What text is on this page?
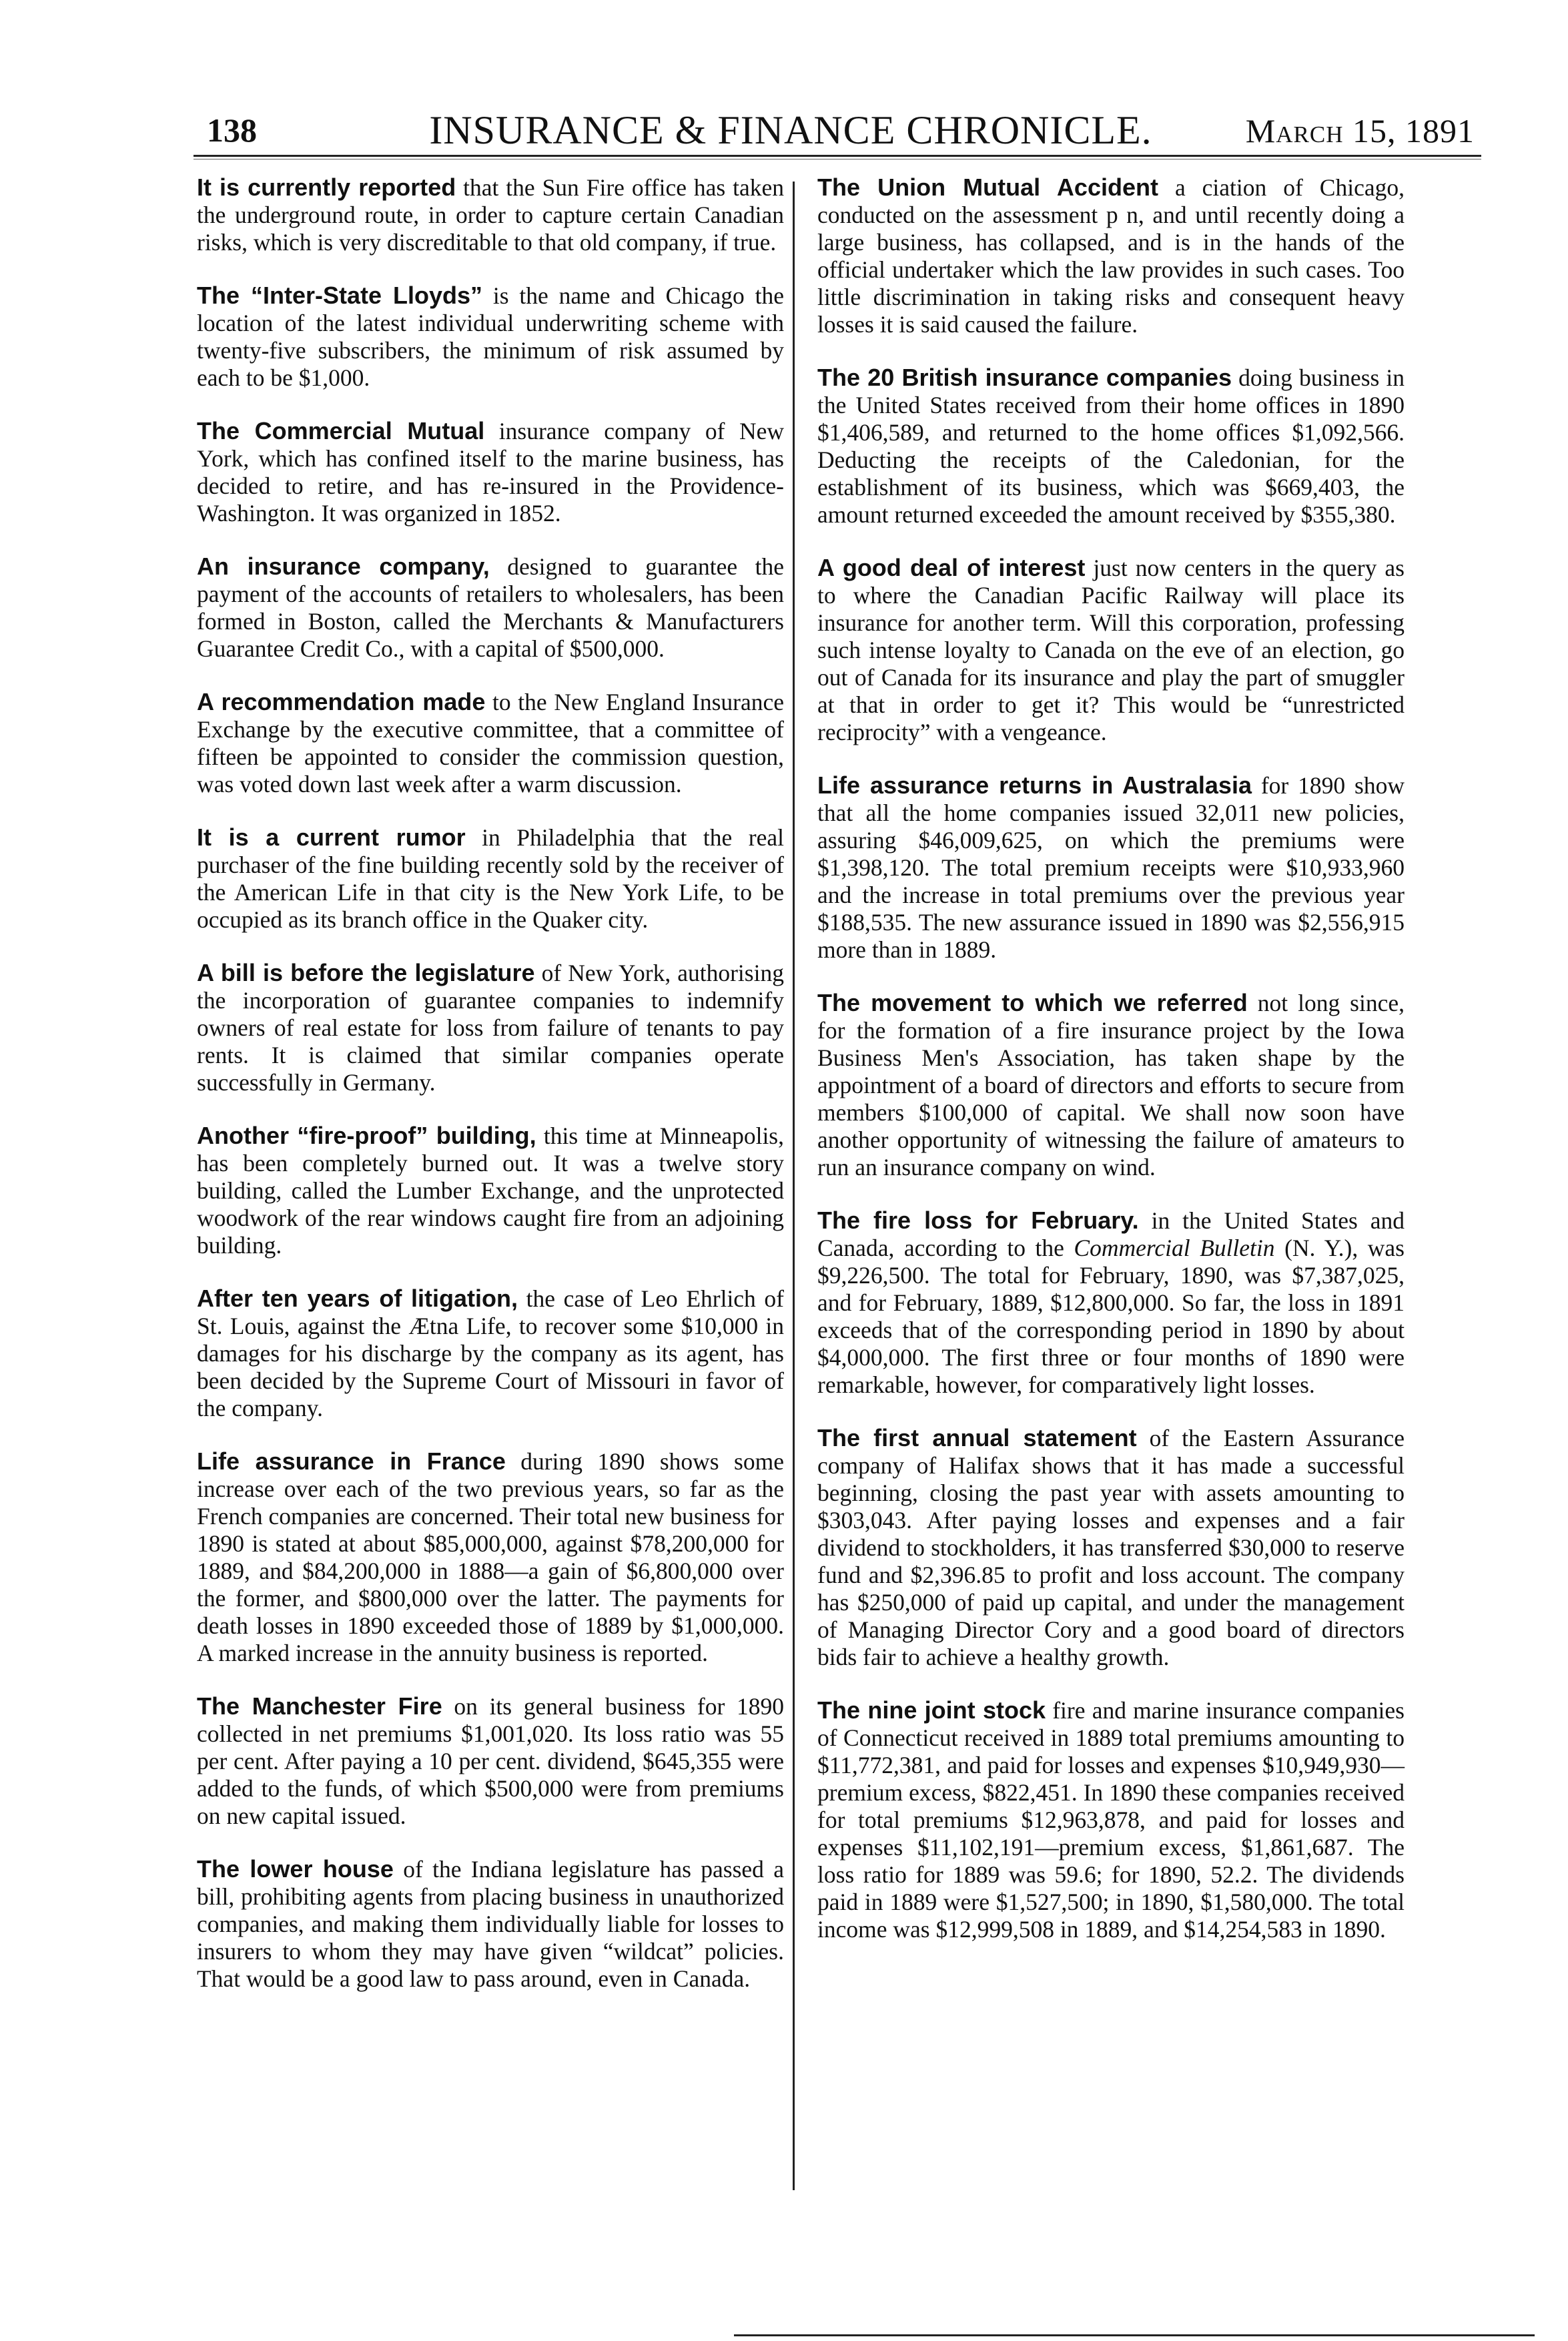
138	INSURANCE & FINANCE CHRONICLE.	March 15, 1891

It is currently reported that the Sun Fire office has taken the underground route, in order to capture certain Canadian risks, which is very discreditable to that old company, if true.

The “Inter-State Lloyds” is the name and Chicago the location of the latest individual underwriting scheme with twenty-five subscribers, the minimum of risk assumed by each to be $1,000.

The Commercial Mutual insurance company of New York, which has confined itself to the marine business, has decided to retire, and has re-insured in the Providence-Washington. It was organized in 1852.

An insurance company, designed to guarantee the payment of the accounts of retailers to wholesalers, has been formed in Boston, called the Merchants & Manufacturers Guarantee Credit Co., with a capital of $500,000.

A recommendation made to the New England Insurance Exchange by the executive committee, that a committee of fifteen be appointed to consider the commission question, was voted down last week after a warm discussion.

It is a current rumor in Philadelphia that the real purchaser of the fine building recently sold by the receiver of the American Life in that city is the New York Life, to be occupied as its branch office in the Quaker city.

A bill is before the legislature of New York, authorising the incorporation of guarantee companies to indemnify owners of real estate for loss from failure of tenants to pay rents. It is claimed that similar companies operate successfully in Germany.

Another “fire-proof” building, this time at Minneapolis, has been completely burned out. It was a twelve story building, called the Lumber Exchange, and the unprotected woodwork of the rear windows caught fire from an adjoining building.

After ten years of litigation, the case of Leo Ehrlich of St. Louis, against the Ætna Life, to recover some $10,000 in damages for his discharge by the company as its agent, has been decided by the Supreme Court of Missouri in favor of the company.

Life assurance in France during 1890 shows some increase over each of the two previous years, so far as the French companies are concerned. Their total new business for 1890 is stated at about $85,000,000, against $78,200,000 for 1889, and $84,200,000 in 1888—a gain of $6,800,000 over the former, and $800,000 over the latter. The payments for death losses in 1890 exceeded those of 1889 by $1,000,000. A marked increase in the annuity business is reported.

The Manchester Fire on its general business for 1890 collected in net premiums $1,001,020. Its loss ratio was 55 per cent. After paying a 10 per cent. dividend, $645,355 were added to the funds, of which $500,000 were from premiums on new capital issued.

The lower house of the Indiana legislature has passed a bill, prohibiting agents from placing business in unauthorized companies, and making them individually liable for losses to insurers to whom they may have given “wildcat” policies. That would be a good law to pass around, even in Canada.

The Union Mutual Accident a ciation of Chicago, conducted on the assessment p n, and until recently doing a large business, has collapsed, and is in the hands of the official undertaker which the law provides in such cases. Too little discrimination in taking risks and consequent heavy losses it is said caused the failure.

The 20 British insurance companies doing business in the United States received from their home offices in 1890 $1,406,589, and returned to the home offices $1,092,566. Deducting the receipts of the Caledonian, for the establishment of its business, which was $669,403, the amount returned exceeded the amount received by $355,380.

A good deal of interest just now centers in the query as to where the Canadian Pacific Railway will place its insurance for another term. Will this corporation, professing such intense loyalty to Canada on the eve of an election, go out of Canada for its insurance and play the part of smuggler at that in order to get it? This would be “unrestricted reciprocity” with a vengeance.

Life assurance returns in Australasia for 1890 show that all the home companies issued 32,011 new policies, assuring $46,009,625, on which the premiums were $1,398,120. The total premium receipts were $10,933,960 and the increase in total premiums over the previous year $188,535. The new assurance issued in 1890 was $2,556,915 more than in 1889.

The movement to which we referred not long since, for the formation of a fire insurance project by the Iowa Business Men's Association, has taken shape by the appointment of a board of directors and efforts to secure from members $100,000 of capital. We shall now soon have another opportunity of witnessing the failure of amateurs to run an insurance company on wind.

The fire loss for February. in the United States and Canada, according to the Commercial Bulletin (N. Y.), was $9,226,500. The total for February, 1890, was $7,387,025, and for February, 1889, $12,800,000. So far, the loss in 1891 exceeds that of the corresponding period in 1890 by about $4,000,000. The first three or four months of 1890 were remarkable, however, for comparatively light losses.

The first annual statement of the Eastern Assurance company of Halifax shows that it has made a successful beginning, closing the past year with assets amounting to $303,043. After paying losses and expenses and a fair dividend to stockholders, it has transferred $30,000 to reserve fund and $2,396.85 to profit and loss account. The company has $250,000 of paid up capital, and under the management of Managing Director Cory and a good board of directors bids fair to achieve a healthy growth.

The nine joint stock fire and marine insurance companies of Connecticut received in 1889 total premiums amounting to $11,772,381, and paid for losses and expenses $10,949,930—premium excess, $822,451. In 1890 these companies received for total premiums $12,963,878, and paid for losses and expenses $11,102,191—premium excess, $1,861,687. The loss ratio for 1889 was 59.6; for 1890, 52.2. The dividends paid in 1889 were $1,527,500; in 1890, $1,580,000. The total income was $12,999,508 in 1889, and $14,254,583 in 1890.
